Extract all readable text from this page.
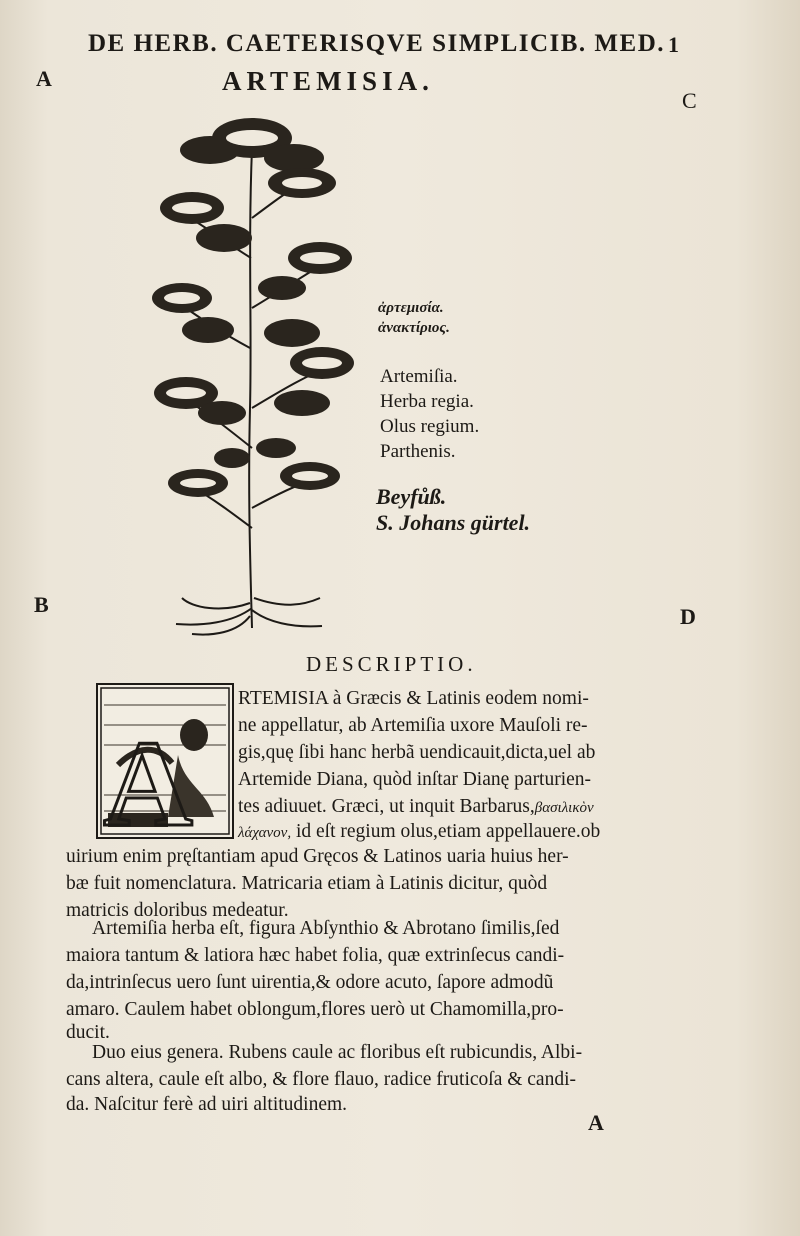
DE HERB. CAETERISQVE SIMPLICIB. MED. 1
ARTEMISIA.
A
C
B	D
ἀρτεμισία.
ἀνακτίριος.
Artemiſia.
Herba regia.
Olus regium.
Parthenis.
Beyfůß.
S. Johans gürtel.
DESCRIPTIO.
A
RTEMISIA à Græcis & Latinis eodem nomi-
ne appellatur, ab Artemiſia uxore Mauſoli re-
gis,quę ſibi hanc herbã uendicauit,dicta,uel ab
Artemide Diana, quòd inſtar Dianę parturien-
tes adiuuet. Græci, ut inquit Barbarus,βασιλικὸν
λάχανον, id eſt regium olus,etiam appellauere.ob
uirium enim pręſtantiam apud Gręcos & Latinos uaria huius her-
bæ fuit nomenclatura. Matricaria etiam à Latinis dicitur, quòd
matricis doloribus medeatur.
Artemiſia herba eſt, figura Abſynthio & Abrotano ſimilis,ſed
maiora tantum & latiora hæc habet folia, quæ extrinſecus candi-
da,intrinſecus uero ſunt uirentia,& odore acuto, ſapore admodũ
amaro. Caulem habet oblongum,flores uerò ut Chamomilla,pro-
ducit.
Duo eius genera. Rubens caule ac floribus eſt rubicundis, Albi-
cans altera, caule eſt albo, & flore flauo, radice fruticoſa & candi-
da. Naſcitur ferè ad uiri altitudinem.
A
